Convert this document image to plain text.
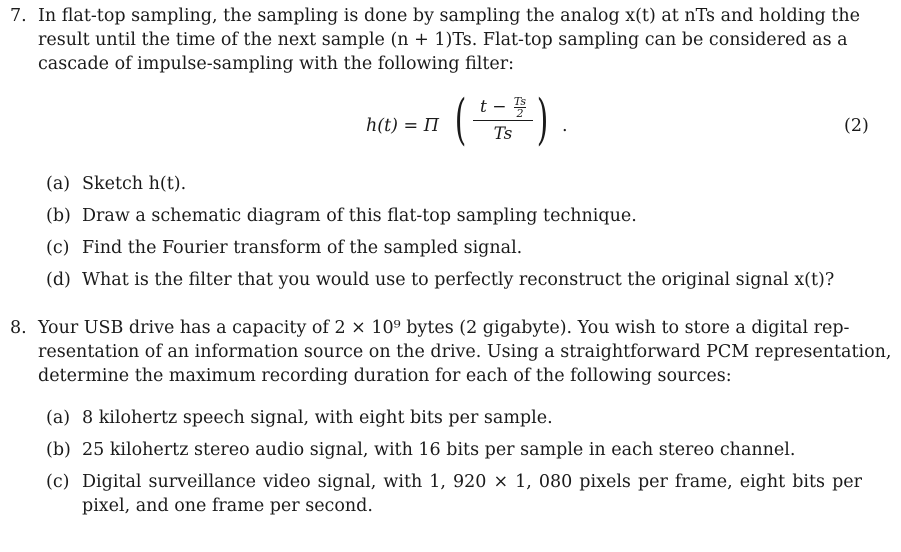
7. In flat-top sampling, the sampling is done by sampling the analog x(t) at nTs and holding the
result until the time of the next sample (n + 1)Ts. Flat-top sampling can be considered as a
cascade of impulse-sampling with the following filter:
h(t) = Π ( $t - \frac{Ts}{2}$
Ts ) .	(2)
(a) Sketch h(t).
(b) Draw a schematic diagram of this flat-top sampling technique.
(c) Find the Fourier transform of the sampled signal.
(d) What is the filter that you would use to perfectly reconstruct the original signal x(t)?
8. Your USB drive has a capacity of 2 × 10⁹ bytes (2 gigabyte). You wish to store a digital rep-
resentation of an information source on the drive. Using a straightforward PCM representation,
determine the maximum recording duration for each of the following sources:
(a) 8 kilohertz speech signal, with eight bits per sample.
(b) 25 kilohertz stereo audio signal, with 16 bits per sample in each stereo channel.
(c) Digital surveillance video signal, with 1, 920 × 1, 080 pixels per frame, eight bits per pixel, and one frame per second.
